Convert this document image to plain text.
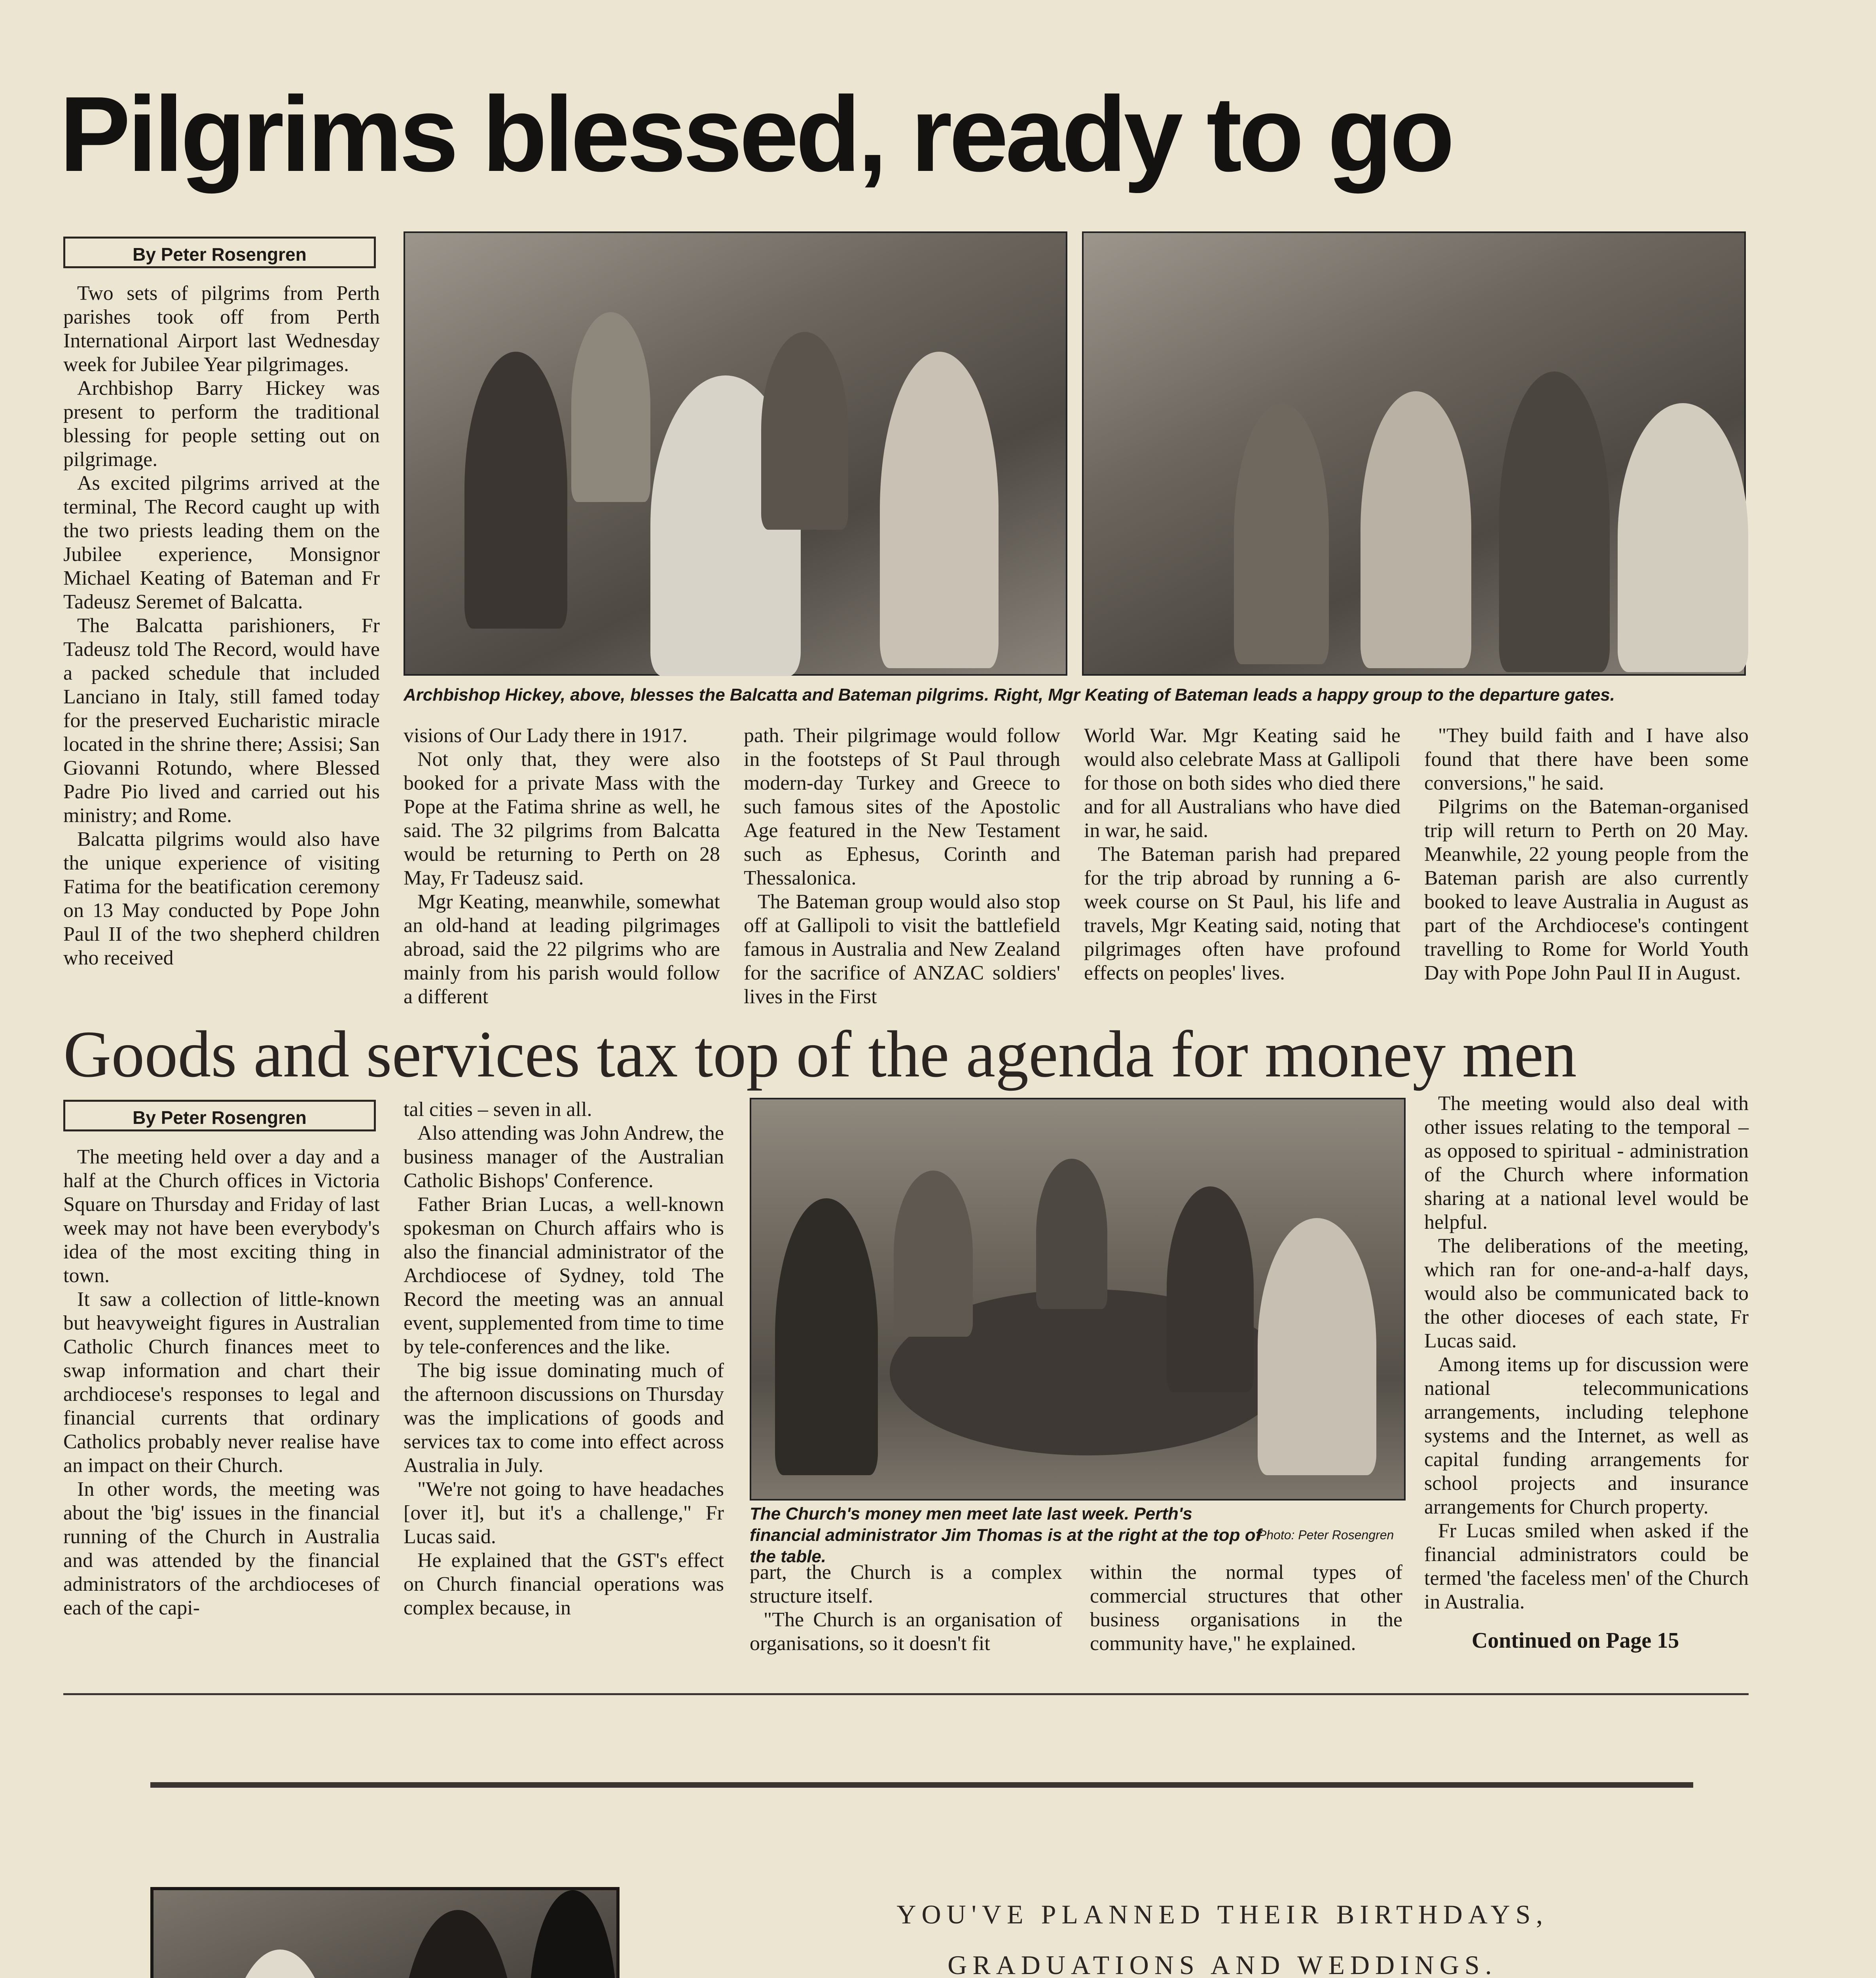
Pilgrims blessed, ready to go
By Peter Rosengren

Two sets of pilgrims from Perth parishes took off from Perth International Airport last Wednesday week for Jubilee Year pilgrimages.

Archbishop Barry Hickey was present to perform the traditional blessing for people setting out on pilgrimage.

As excited pilgrims arrived at the terminal, The Record caught up with the two priests leading them on the Jubilee experience, Monsignor Michael Keating of Bateman and Fr Tadeusz Seremet of Balcatta.

The Balcatta parishioners, Fr Tadeusz told The Record, would have a packed schedule that included Lanciano in Italy, still famed today for the preserved Eucharistic miracle located in the shrine there; Assisi; San Giovanni Rotundo, where Blessed Padre Pio lived and carried out his ministry; and Rome.

Balcatta pilgrims would also have the unique experience of visiting Fatima for the beatification ceremony on 13 May conducted by Pope John Paul II of the two shepherd children who received

Archbishop Hickey, above, blesses the Balcatta and Bateman pilgrims. Right, Mgr Keating of Bateman leads a happy group to the departure gates.

visions of Our Lady there in 1917.

Not only that, they were also booked for a private Mass with the Pope at the Fatima shrine as well, he said. The 32 pilgrims from Balcatta would be returning to Perth on 28 May, Fr Tadeusz said.

Mgr Keating, meanwhile, somewhat an old-hand at leading pilgrimages abroad, said the 22 pilgrims who are mainly from his parish would follow a different

path. Their pilgrimage would follow in the footsteps of St Paul through modern-day Turkey and Greece to such famous sites of the Apostolic Age featured in the New Testament such as Ephesus, Corinth and Thessalonica.

The Bateman group would also stop off at Gallipoli to visit the battlefield famous in Australia and New Zealand for the sacrifice of ANZAC soldiers' lives in the First

World War. Mgr Keating said he would also celebrate Mass at Gallipoli for those on both sides who died there and for all Australians who have died in war, he said.

The Bateman parish had prepared for the trip abroad by running a 6-week course on St Paul, his life and travels, Mgr Keating said, noting that pilgrimages often have profound effects on peoples' lives.

"They build faith and I have also found that there have been some conversions," he said.

Pilgrims on the Bateman-organised trip will return to Perth on 20 May. Meanwhile, 22 young people from the Bateman parish are also currently booked to leave Australia in August as part of the Archdiocese's contingent travelling to Rome for World Youth Day with Pope John Paul II in August.

Goods and services tax top of the agenda for money men
By Peter Rosengren

The meeting held over a day and a half at the Church offices in Victoria Square on Thursday and Friday of last week may not have been everybody's idea of the most exciting thing in town.

It saw a collection of little-known but heavyweight figures in Australian Catholic Church finances meet to swap information and chart their archdiocese's responses to legal and financial currents that ordinary Catholics probably never realise have an impact on their Church.

In other words, the meeting was about the 'big' issues in the financial running of the Church in Australia and was attended by the financial administrators of the archdioceses of each of the capi-

tal cities – seven in all.

Also attending was John Andrew, the business manager of the Australian Catholic Bishops' Conference.

Father Brian Lucas, a well-known spokesman on Church affairs who is also the financial administrator of the Archdiocese of Sydney, told The Record the meeting was an annual event, supplemented from time to time by tele-conferences and the like.

The big issue dominating much of the afternoon discussions on Thursday was the implications of goods and services tax to come into effect across Australia in July.

"We're not going to have headaches [over it], but it's a challenge," Fr Lucas said.

He explained that the GST's effect on Church financial operations was complex because, in

The Church's money men meet late last week. Perth's financial administrator Jim Thomas is at the right at the top of the table.
Photo: Peter Rosengren

part, the Church is a complex structure itself.

"The Church is an organisation of organisations, so it doesn't fit

within the normal types of commercial structures that other business organisations in the community have," he explained.

The meeting would also deal with other issues relating to the temporal – as opposed to spiritual - administration of the Church where information sharing at a national level would be helpful.

The deliberations of the meeting, which ran for one-and-a-half days, would also be communicated back to the other dioceses of each state, Fr Lucas said.

Among items up for discussion were national telecommunications arrangements, including telephone systems and the Internet, as well as capital funding arrangements for school projects and insurance arrangements for Church property.

Fr Lucas smiled when asked if the financial administrators could be termed 'the faceless men' of the Church in Australia.

Continued on Page 15
YOU'VE PLANNED THEIR BIRTHDAYS,
GRADUATIONS AND WEDDINGS.
